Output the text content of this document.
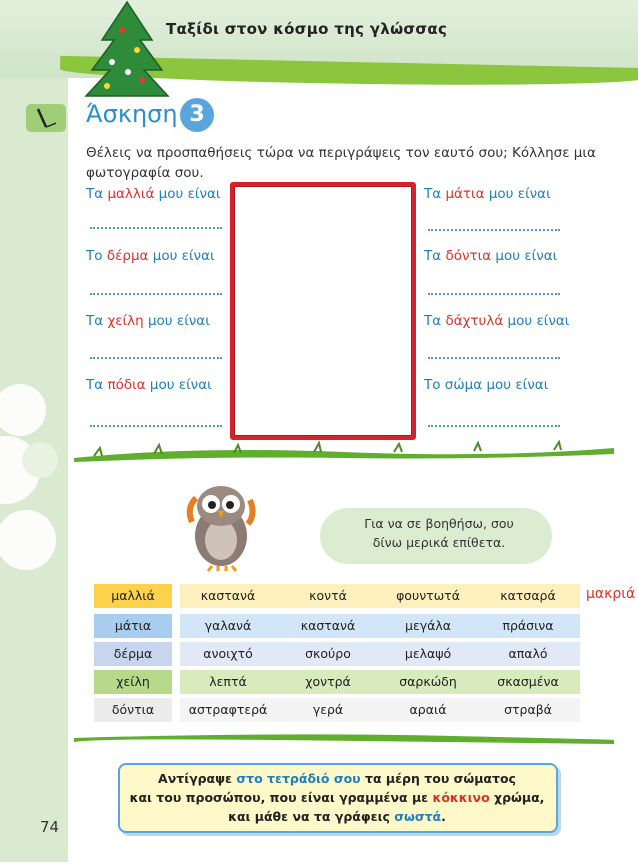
Ταξίδι στον κόσμο της γλώσσας
Άσκηση 3
Θέλεις να προσπαθήσεις τώρα να περιγράψεις τον εαυτό σου; Κόλλησε μια φωτογραφία σου.
Τα μαλλιά μου είναι
Το δέρμα μου είναι
Τα χείλη μου είναι
Τα πόδια μου είναι
Τα μάτια μου είναι
Τα δόντια μου είναι
Τα δάχτυλά μου είναι
Το σώμα μου είναι
Για να σε βοηθήσω, σου
δίνω μερικά επίθετα.
μαλλιά	καστανά	κοντά	φουντωτά	κατσαρά
μάτια	γαλανά	καστανά	μεγάλα	πράσινα
δέρμα	ανοιχτό	σκούρο	μελαψό	απαλό
χείλη	λεπτά	χοντρά	σαρκώδη	σκασμένα
δόντια	αστραφτερά	γερά	αραιά	στραβά
μακριά
Αντίγραψε στο τετράδιό σου τα μέρη του σώματος
και του προσώπου, που είναι γραμμένα με κόκκινο χρώμα,
και μάθε να τα γράφεις σωστά.
74
